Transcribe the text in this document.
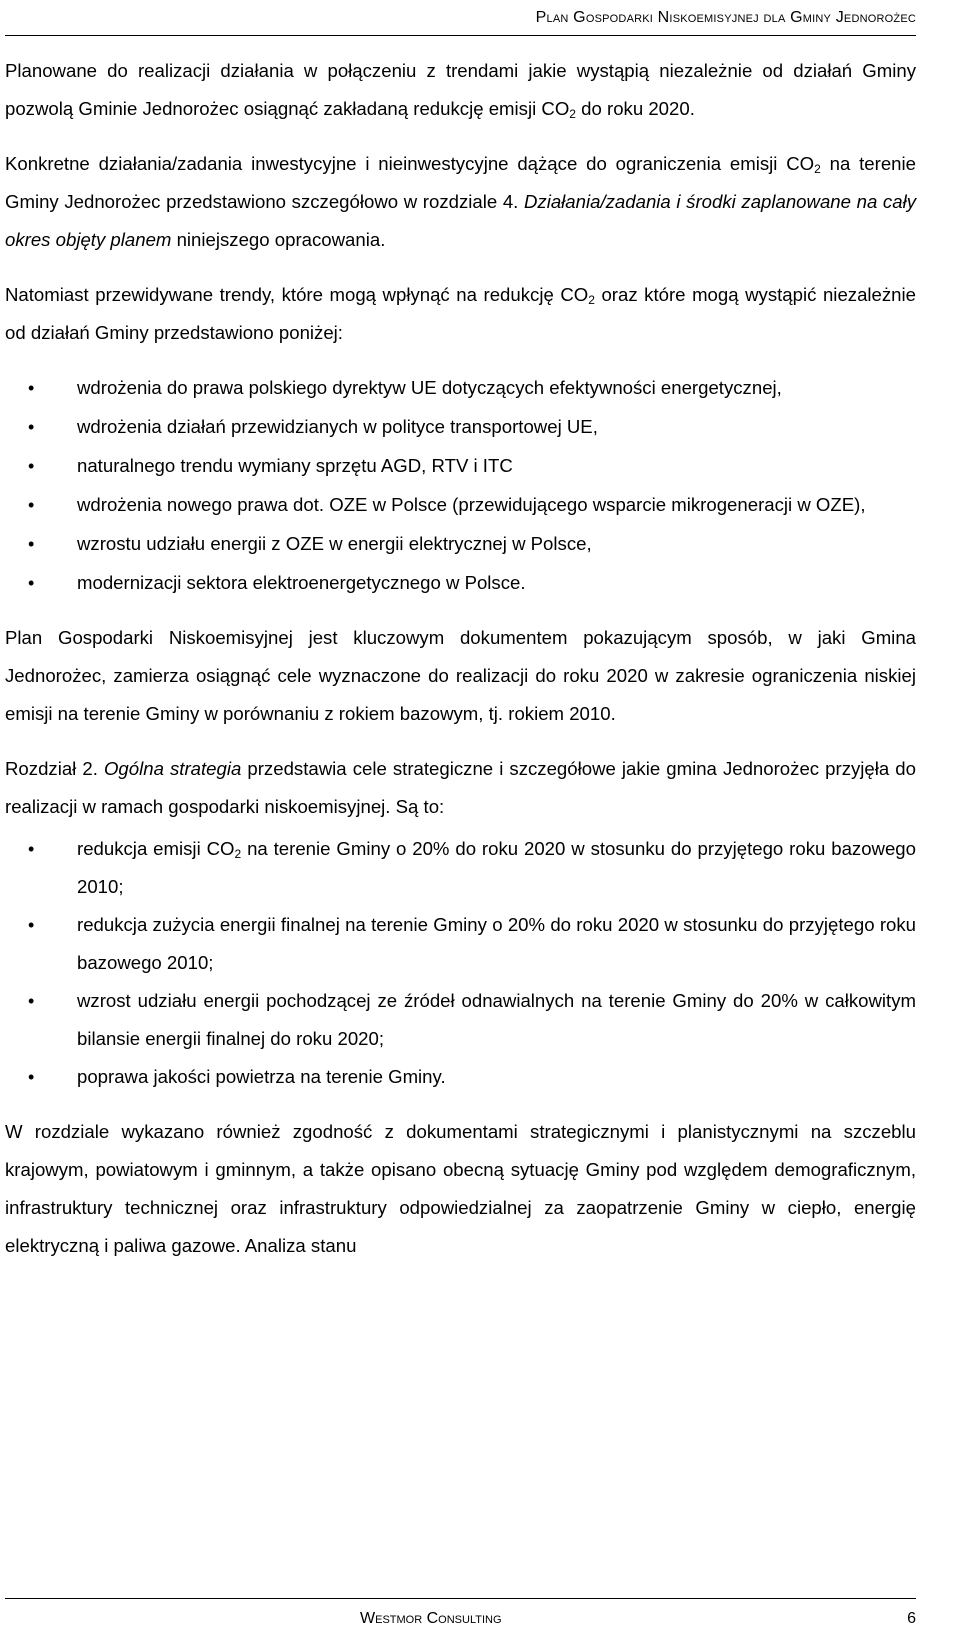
Plan Gospodarki Niskoemisyjnej dla Gminy Jednorożec

Planowane do realizacji działania w połączeniu z trendami jakie wystąpią niezależnie od działań Gminy pozwolą Gminie Jednorożec osiągnąć zakładaną redukcję emisji $CO_2$ do roku 2020.

Konkretne działania/zadania inwestycyjne i nieinwestycyjne dążące do ograniczenia emisji $CO_2$ na terenie Gminy Jednorożec przedstawiono szczegółowo w rozdziale 4. Działania/zadania i środki zaplanowane na cały okres objęty planem niniejszego opracowania.

Natomiast przewidywane trendy, które mogą wpłynąć na redukcję $CO_2$ oraz które mogą wystąpić niezależnie od działań Gminy przedstawiono poniżej:

• wdrożenia do prawa polskiego dyrektyw UE dotyczących efektywności energetycznej,
• wdrożenia działań przewidzianych w polityce transportowej UE,
• naturalnego trendu wymiany sprzętu AGD, RTV i ITC
• wdrożenia nowego prawa dot. OZE w Polsce (przewidującego wsparcie mikrogeneracji w OZE),
• wzrostu udziału energii z OZE w energii elektrycznej w Polsce,
• modernizacji sektora elektroenergetycznego w Polsce.

Plan Gospodarki Niskoemisyjnej jest kluczowym dokumentem pokazującym sposób, w jaki Gmina Jednorożec, zamierza osiągnąć cele wyznaczone do realizacji do roku 2020 w zakresie ograniczenia niskiej emisji na terenie Gminy w porównaniu z rokiem bazowym, tj. rokiem 2010.

Rozdział 2. Ogólna strategia przedstawia cele strategiczne i szczegółowe jakie gmina Jednorożec przyjęła do realizacji w ramach gospodarki niskoemisyjnej. Są to:

• redukcja emisji $CO_2$ na terenie Gminy o 20% do roku 2020 w stosunku do przyjętego roku bazowego 2010;
• redukcja zużycia energii finalnej na terenie Gminy o 20% do roku 2020 w stosunku do przyjętego roku bazowego 2010;
• wzrost udziału energii pochodzącej ze źródeł odnawialnych na terenie Gminy do 20% w całkowitym bilansie energii finalnej do roku 2020;
• poprawa jakości powietrza na terenie Gminy.

W rozdziale wykazano również zgodność z dokumentami strategicznymi i planistycznymi na szczeblu krajowym, powiatowym i gminnym, a także opisano obecną sytuację Gminy pod względem demograficznym, infrastruktury technicznej oraz infrastruktury odpowiedzialnej za zaopatrzenie Gminy w ciepło, energię elektryczną i paliwa gazowe. Analiza stanu

Westmor Consulting	6
